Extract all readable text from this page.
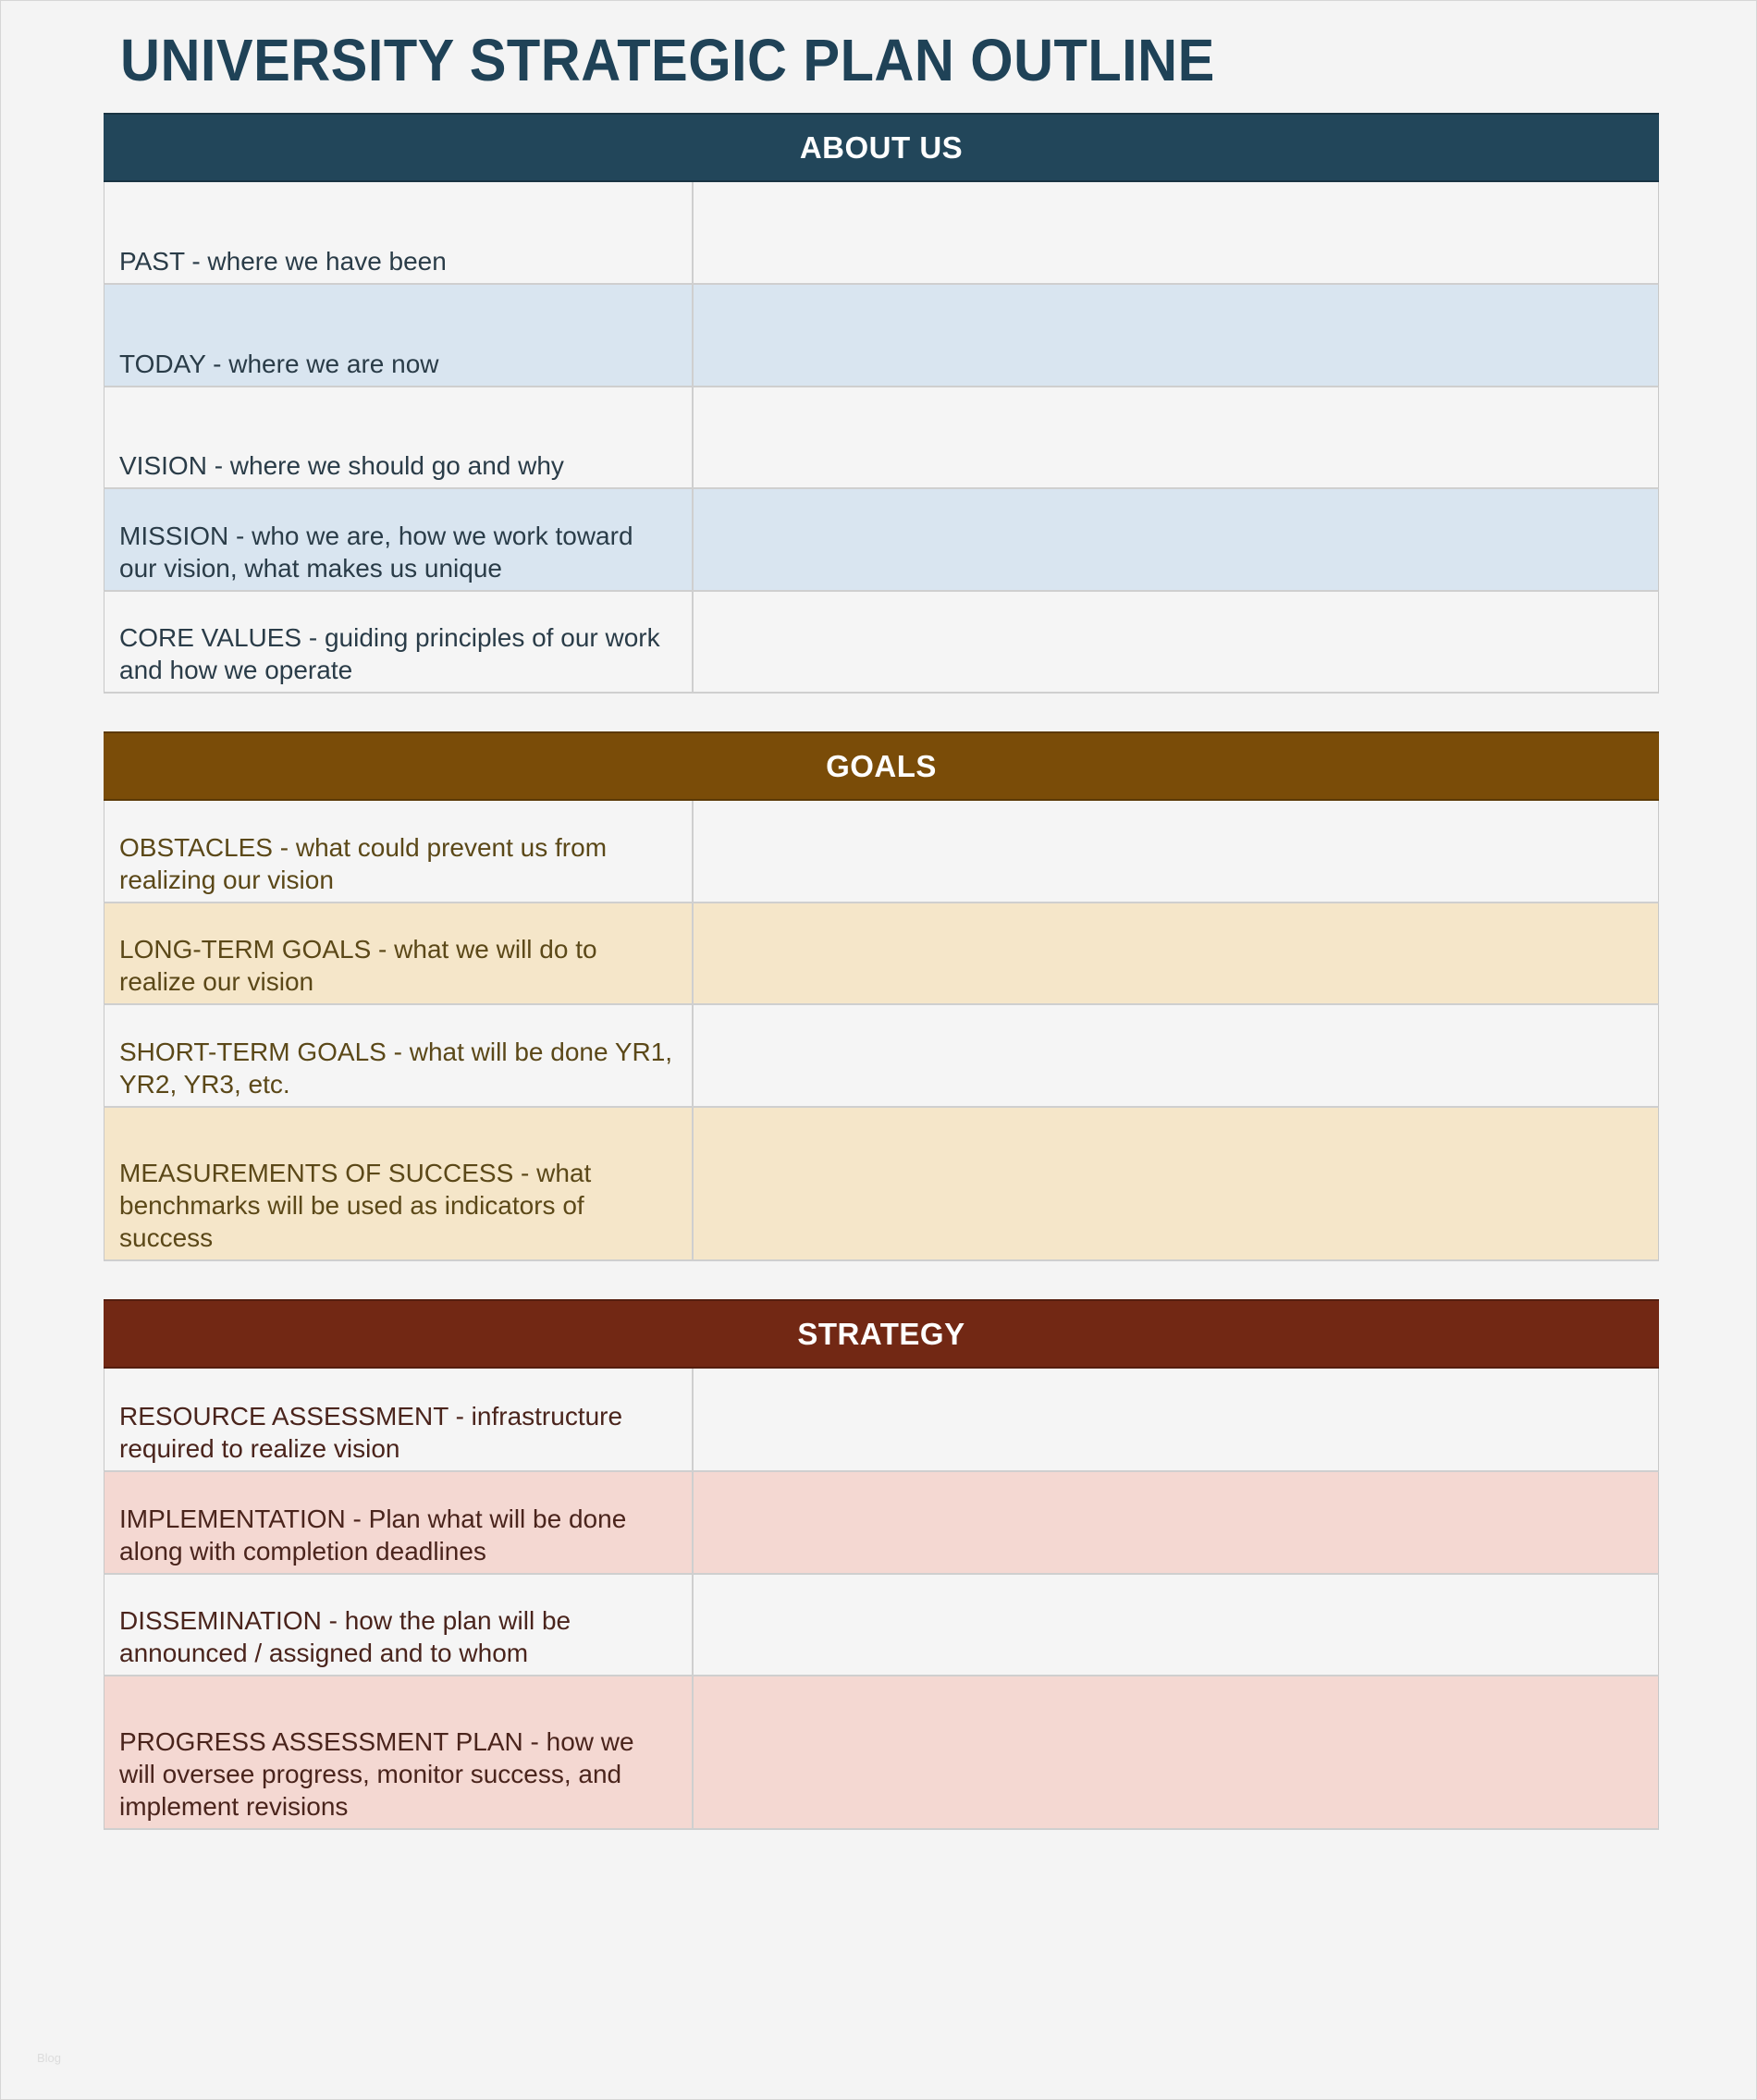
UNIVERSITY STRATEGIC PLAN OUTLINE
ABOUT US
PAST - where we have been
TODAY - where we are now
VISION - where we should go and why
MISSION - who we are, how we work toward our vision, what makes us unique
CORE VALUES - guiding principles of our work and how we operate
GOALS
OBSTACLES - what could prevent us from realizing our vision
LONG-TERM GOALS - what we will do to realize our vision
SHORT-TERM GOALS - what will be done YR1, YR2, YR3, etc.
MEASUREMENTS OF SUCCESS - what benchmarks will be used as indicators of success
STRATEGY
RESOURCE ASSESSMENT - infrastructure required to realize vision
IMPLEMENTATION - Plan what will be done along with completion deadlines
DISSEMINATION - how the plan will be announced / assigned and to whom
PROGRESS ASSESSMENT PLAN - how we will oversee progress, monitor success, and implement revisions
Blog
